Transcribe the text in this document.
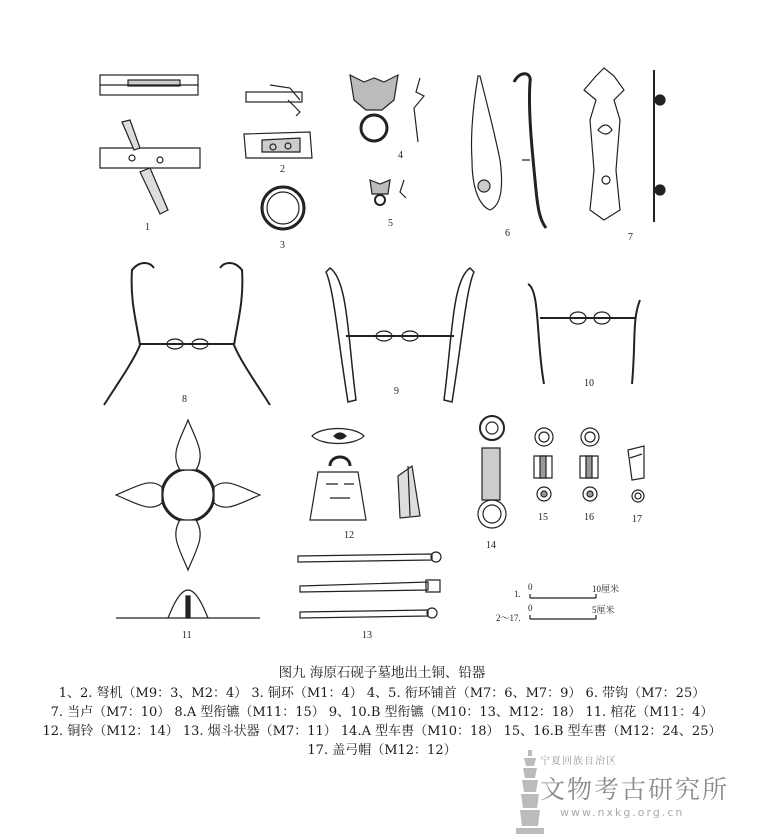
1
2
3
4
5
6	7
8
9
10
11
12
13
14
15	16	17
1.
0	10厘米
2～17.
0	5厘米
图九 海原石砚子墓地出土铜、铅器
1、2. 弩机（M9：3、M2：4） 3. 铜环（M1：4） 4、5. 衔环铺首（M7：6、M7：9） 6. 带钩（M7：25）
7. 当卢（M7：10） 8.A 型衔镳（M11：15） 9、10.B 型衔镳（M10：13、M12：18） 11. 棺花（M11：4）
12. 铜铃（M12：14） 13. 烟斗状器（M7：11） 14.A 型车軎（M10：18） 15、16.B 型车軎（M12：24、25）
17. 盖弓帽（M12：12）
宁夏回族自治区
文物考古研究所
www.nxkg.org.cn
